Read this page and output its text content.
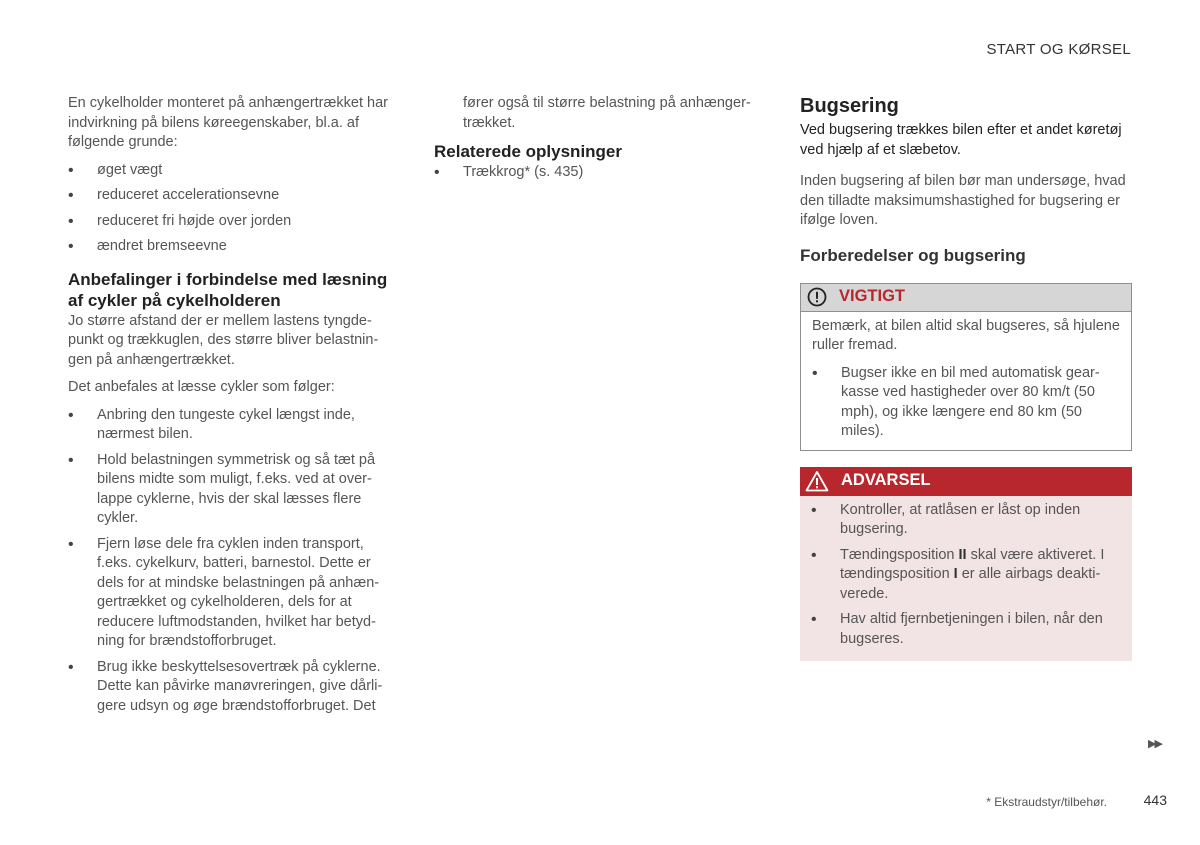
START OG KØRSEL

En cykelholder monteret på anhængertrækket har indvirkning på bilens køreegenskaber, bl.a. af følgende grunde:

• øget vægt
• reduceret accelerationsevne
• reduceret fri højde over jorden
• ændret bremseevne
Anbefalinger i forbindelse med læsning af cykler på cykelholderen

Jo større afstand der er mellem lastens tyngdepunkt og trækkuglen, des større bliver belastningen på anhængertrækket.

Det anbefales at læsse cykler som følger:

• Anbring den tungeste cykel længst inde, nærmest bilen.
• Hold belastningen symmetrisk og så tæt på bilens midte som muligt, f.eks. ved at overlappe cyklerne, hvis der skal læsses flere cykler.
• Fjern løse dele fra cyklen inden transport, f.eks. cykelkurv, batteri, barnestol. Dette er dels for at mindske belastningen på anhængertrækket og cykelholderen, dels for at reducere luftmodstanden, hvilket har betydning for brændstofforbruget.
• Brug ikke beskyttelsesovertræk på cyklerne. Dette kan påvirke manøvreringen, give dårligere udsyn og øge brændstofforbruget. Det

fører også til større belastning på anhængertrækket.

Relaterede oplysninger
• Trækkrog* (s. 435)
Bugsering

Ved bugsering trækkes bilen efter et andet køretøj ved hjælp af et slæbetov.

Inden bugsering af bilen bør man undersøge, hvad den tilladte maksimumshastighed for bugsering er ifølge loven.

Forberedelser og bugsering
VIGTIGT

Bemærk, at bilen altid skal bugseres, så hjulene ruller fremad.

• Bugser ikke en bil med automatisk gearkasse ved hastigheder over 80 km/t (50 mph), og ikke længere end 80 km (50 miles).
ADVARSEL
• Kontroller, at ratlåsen er låst op inden bugsering.
• Tændingsposition II skal være aktiveret. I tændingsposition I er alle airbags deaktiverede.
• Hav altid fjernbetjeningen i bilen, når den bugseres.
▶▶
* Ekstraudstyr/tilbehør.	443
